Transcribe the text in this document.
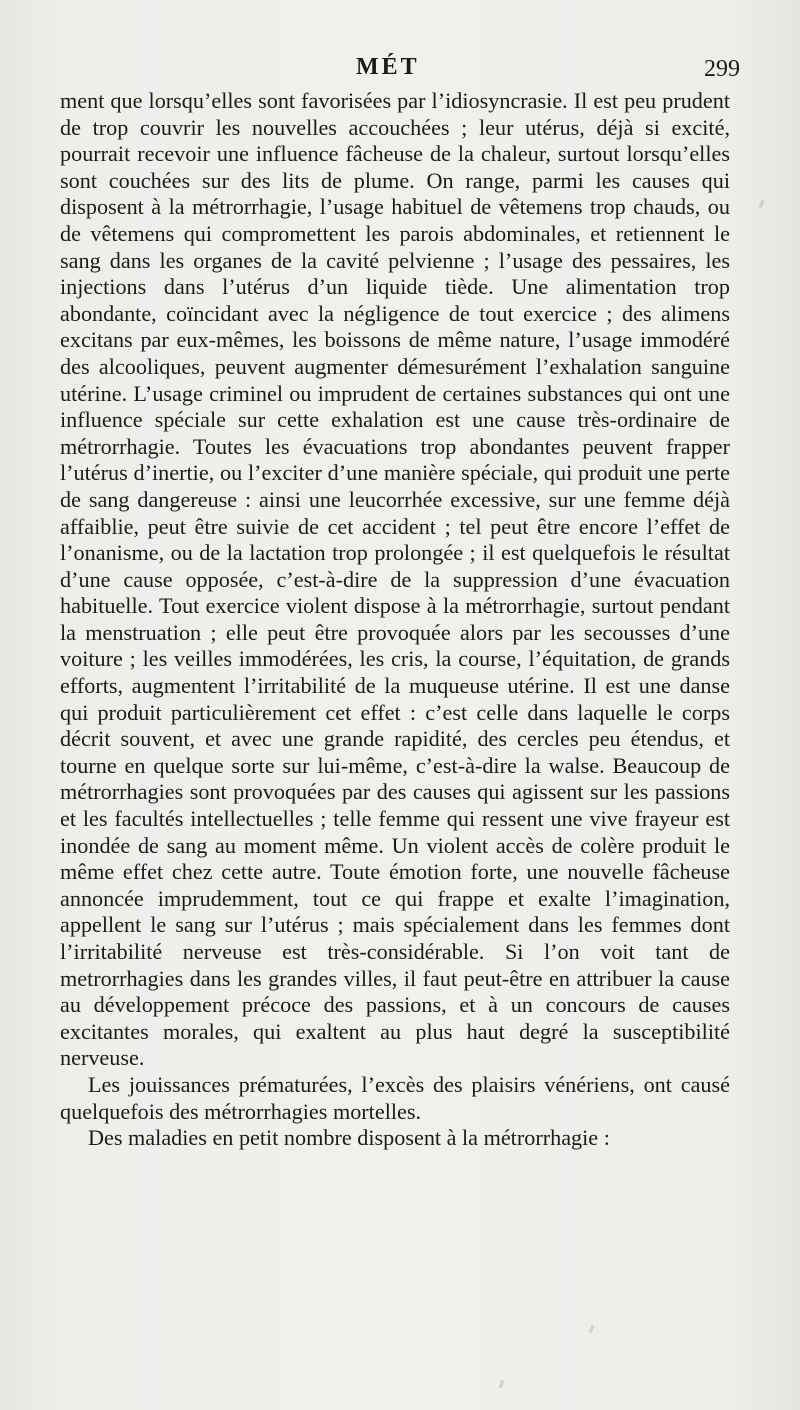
MÉT	299

ment que lorsqu’elles sont favorisées par l’idiosyncrasie. Il est peu prudent de trop couvrir les nouvelles accouchées ; leur utérus, déjà si excité, pourrait recevoir une influence fâcheuse de la chaleur, surtout lorsqu’elles sont couchées sur des lits de plume. On range, parmi les causes qui disposent à la métrorrhagie, l’usage habituel de vêtemens trop chauds, ou de vêtemens qui compromettent les parois abdominales, et retiennent le sang dans les organes de la cavité pelvienne ; l’usage des pessaires, les injections dans l’utérus d’un liquide tiède. Une alimentation trop abondante, coïncidant avec la négligence de tout exercice ; des alimens excitans par eux-mêmes, les boissons de même nature, l’usage immodéré des alcooliques, peuvent augmenter démesurément l’exhalation sanguine utérine. L’usage criminel ou imprudent de certaines substances qui ont une influence spéciale sur cette exhalation est une cause très-ordinaire de métrorrhagie. Toutes les évacuations trop abondantes peuvent frapper l’utérus d’inertie, ou l’exciter d’une manière spéciale, qui produit une perte de sang dangereuse : ainsi une leucorrhée excessive, sur une femme déjà affaiblie, peut être suivie de cet accident ; tel peut être encore l’effet de l’onanisme, ou de la lactation trop prolongée ; il est quelquefois le résultat d’une cause opposée, c’est-à-dire de la suppression d’une évacuation habituelle. Tout exercice violent dispose à la métrorrhagie, surtout pendant la menstruation ; elle peut être provoquée alors par les secousses d’une voiture ; les veilles immodérées, les cris, la course, l’équitation, de grands efforts, augmentent l’irritabilité de la muqueuse utérine. Il est une danse qui produit particulièrement cet effet : c’est celle dans laquelle le corps décrit souvent, et avec une grande rapidité, des cercles peu étendus, et tourne en quelque sorte sur lui-même, c’est-à-dire la walse. Beaucoup de métrorrhagies sont provoquées par des causes qui agissent sur les passions et les facultés intellectuelles ; telle femme qui ressent une vive frayeur est inondée de sang au moment même. Un violent accès de colère produit le même effet chez cette autre. Toute émotion forte, une nouvelle fâcheuse annoncée imprudemment, tout ce qui frappe et exalte l’imagination, appellent le sang sur l’utérus ; mais spécialement dans les femmes dont l’irritabilité nerveuse est très-considérable. Si l’on voit tant de metrorrhagies dans les grandes villes, il faut peut-être en attribuer la cause au développement précoce des passions, et à un concours de causes excitantes morales, qui exaltent au plus haut degré la susceptibilité nerveuse.

Les jouissances prématurées, l’excès des plaisirs vénériens, ont causé quelquefois des métrorrhagies mortelles.

Des maladies en petit nombre disposent à la métrorrhagie :
